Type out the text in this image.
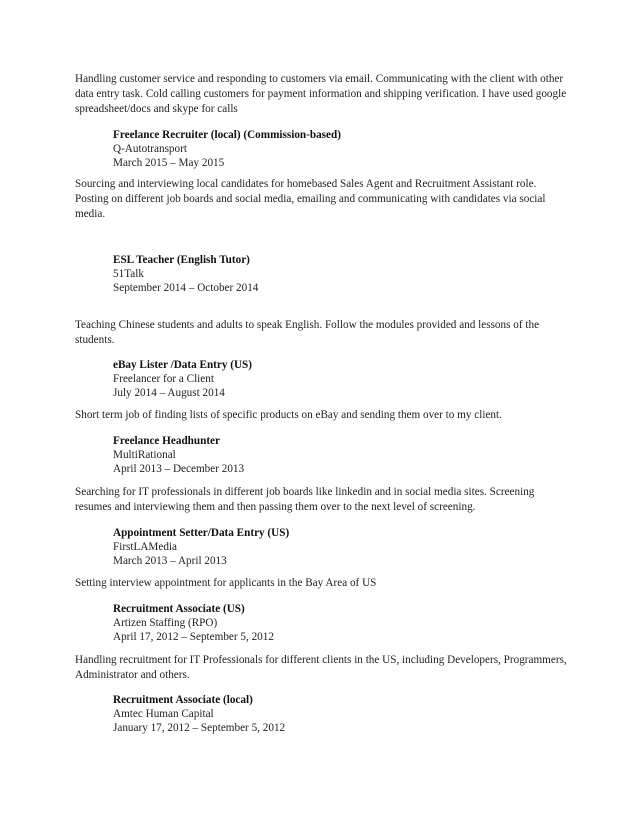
Handling customer service and responding to customers via email. Communicating with the client with other data entry task. Cold calling customers for payment information and shipping verification. I have used google spreadsheet/docs and skype for calls
Freelance Recruiter (local) (Commission-based)
Q-Autotransport
March 2015 – May 2015
Sourcing and interviewing local candidates for homebased Sales Agent and Recruitment Assistant role. Posting on different job boards and social media, emailing and communicating with candidates via social media.
ESL Teacher (English Tutor)
51Talk
September 2014 – October 2014
Teaching Chinese students and adults to speak English. Follow the modules provided and lessons of the students.
eBay Lister /Data Entry (US)
Freelancer for a Client
July 2014 – August 2014
Short term job of finding lists of specific products on eBay and sending them over to my client.
Freelance Headhunter
MultiRational
April 2013 – December 2013
Searching for IT professionals in different job boards like linkedin and in social media sites. Screening resumes and interviewing them and then passing them over to the next level of screening.
Appointment Setter/Data Entry (US)
FirstLAMedia
March 2013 – April 2013
Setting interview appointment for applicants in the Bay Area of US
Recruitment Associate (US)
Artizen Staffing (RPO)
April 17, 2012 – September 5, 2012
Handling recruitment for IT Professionals for different clients in the US, including Developers, Programmers, Administrator and others.
Recruitment Associate (local)
Amtec Human Capital
January 17, 2012 – September 5, 2012
